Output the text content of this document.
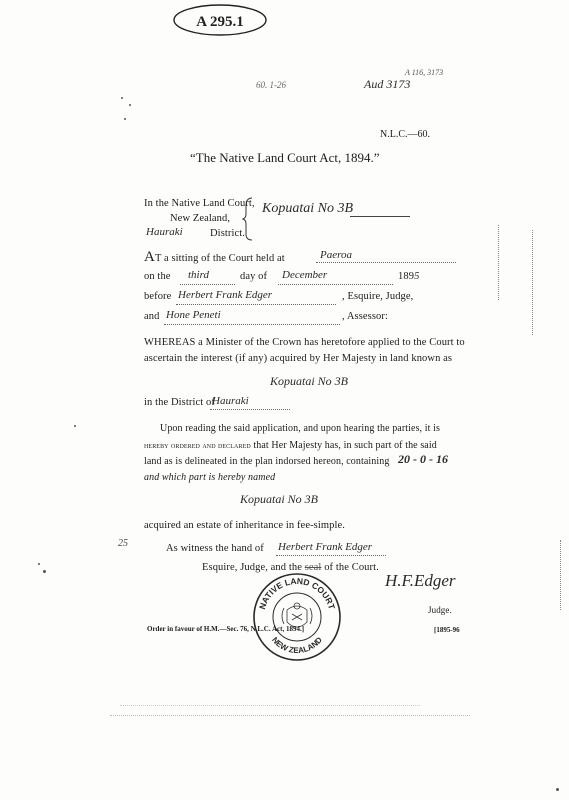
A 295.1
60. 1-26	Aud 3173
A 116, 3173
N.L.C.—60.
“The Native Land Court Act, 1894.”
In the Native Land Court,
New Zealand,
Hauraki	District.
Kopuatai No 3B
AT a sitting of the Court held at	Paeroa
on the third	day of December	1895
before Herbert Frank Edger	, Esquire, Judge,
and Hone Peneti	, Assessor:
WHEREAS a Minister of the Crown has heretofore applied to the Court to
ascertain the interest (if any) acquired by Her Majesty in land known as
Kopuatai No 3B
in the District of
Hauraki
Upon reading the said application, and upon hearing the parties, it is
hereby ordered and declared that Her Majesty has, in such part of the said
land as is delineated in the plan indorsed hereon, containing 20 - 0 - 16
and which part is hereby named
Kopuatai No 3B
acquired an estate of inheritance in fee-simple.
25	As witness the hand of Herbert Frank Edger
Esquire, Judge, and the seal of the Court.
NATIVE LAND COURT
NEW ZEALAND
H.F.Edger
Judge.
Order in favour of H.M.—Sec. 76, N.L.C. Act, 1894.]	[1895-96
